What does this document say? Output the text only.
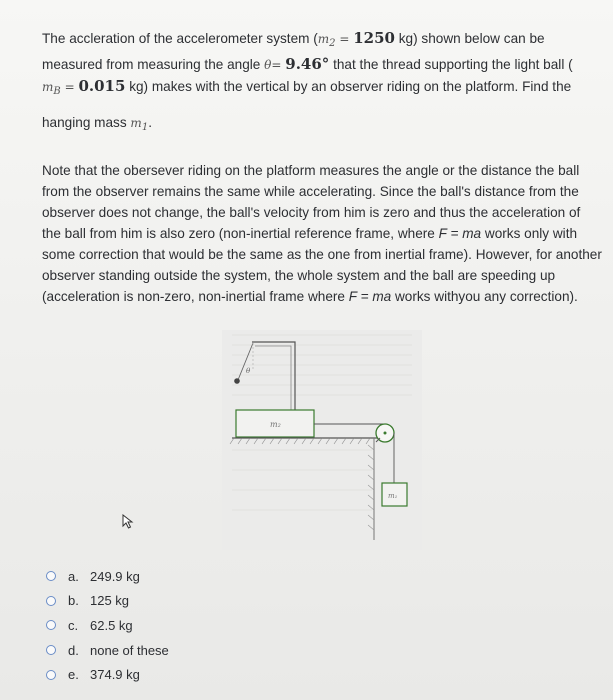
The accleration of the accelerometer system ($m_2 = 1250$ kg) shown below can be
measured from measuring the angle θ= 9.46° that the thread supporting the light ball (
$m_B = 0.015$ kg) makes with the vertical by an observer riding on the platform. Find the
hanging mass $m_1$.
Note that the obersever riding on the platform measures the angle or the distance the ball from the observer remains the same while accelerating. Since the ball's distance from the observer does not change, the ball's velocity from him is zero and thus the acceleration of the ball from him is also zero (non-inertial reference frame, where F = ma works only with some correction that would be the same as the one from inertial frame). However, for another observer standing outside the system, the whole system and the ball are speeding up (acceleration is non-zero, non-inertial frame where F = ma works withyou any correction).
θ
m₂
m₁
a. 249.9 kg
b. 125 kg
c. 62.5 kg
d. none of these
e. 374.9 kg
